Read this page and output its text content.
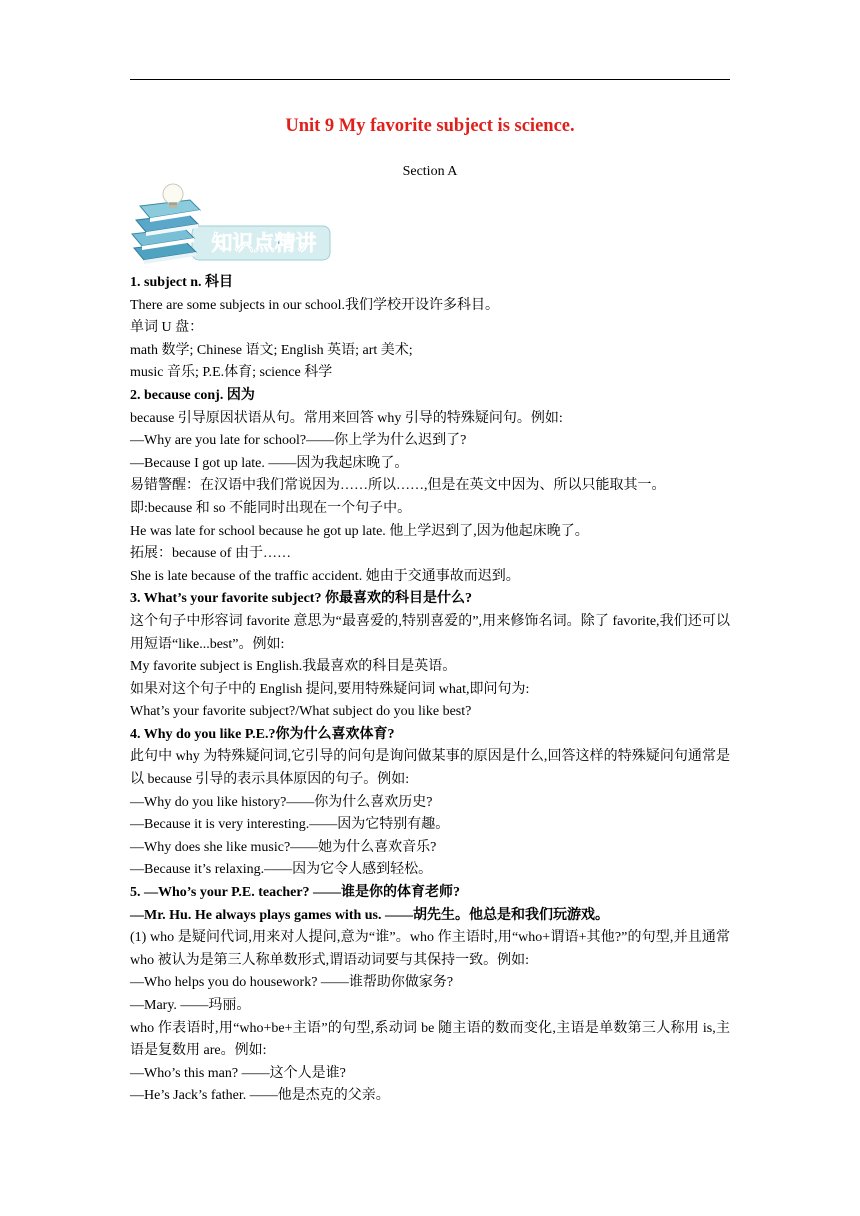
Unit 9 My favorite subject is science.
Section A
知识点精讲
1. subject n. 科目
There are some subjects in our school.我们学校开设许多科目。
单词 U 盘：
math 数学; Chinese 语文; English 英语; art 美术;
music 音乐; P.E.体育; science 科学
2. because conj. 因为
because 引导原因状语从句。常用来回答 why 引导的特殊疑问句。例如:
—Why are you late for school?——你上学为什么迟到了?
—Because I got up late. ——因为我起床晚了。
易错警醒：在汉语中我们常说因为……所以……,但是在英文中因为、所以只能取其一。
即:because 和 so 不能同时出现在一个句子中。
He was late for school because he got up late. 他上学迟到了,因为他起床晚了。
拓展：because of 由于……
She is late because of the traffic accident. 她由于交通事故而迟到。
3. What’s your favorite subject? 你最喜欢的科目是什么?
这个句子中形容词 favorite 意思为“最喜爱的,特别喜爱的”,用来修饰名词。除了 favorite,我们还可以用短语“like...best”。例如:
My favorite subject is English.我最喜欢的科目是英语。
如果对这个句子中的 English 提问,要用特殊疑问词 what,即问句为:
What’s your favorite subject?/What subject do you like best?
4. Why do you like P.E.?你为什么喜欢体育?
此句中 why 为特殊疑问词,它引导的问句是询问做某事的原因是什么,回答这样的特殊疑问句通常是以 because 引导的表示具体原因的句子。例如:
—Why do you like history?——你为什么喜欢历史?
—Because it is very interesting.——因为它特别有趣。
—Why does she like music?——她为什么喜欢音乐?
—Because it’s relaxing.——因为它令人感到轻松。
5. —Who’s your P.E. teacher? ——谁是你的体育老师?
—Mr. Hu. He always plays games with us. ——胡先生。他总是和我们玩游戏。
(1) who 是疑问代词,用来对人提问,意为“谁”。who 作主语时,用“who+谓语+其他?”的句型,并且通常 who 被认为是第三人称单数形式,谓语动词要与其保持一致。例如:
—Who helps you do housework? ——谁帮助你做家务?
—Mary. ——玛丽。
who 作表语时,用“who+be+主语”的句型,系动词 be 随主语的数而变化,主语是单数第三人称用 is,主语是复数用 are。例如:
—Who’s this man? ——这个人是谁?
—He’s Jack’s father. ——他是杰克的父亲。
